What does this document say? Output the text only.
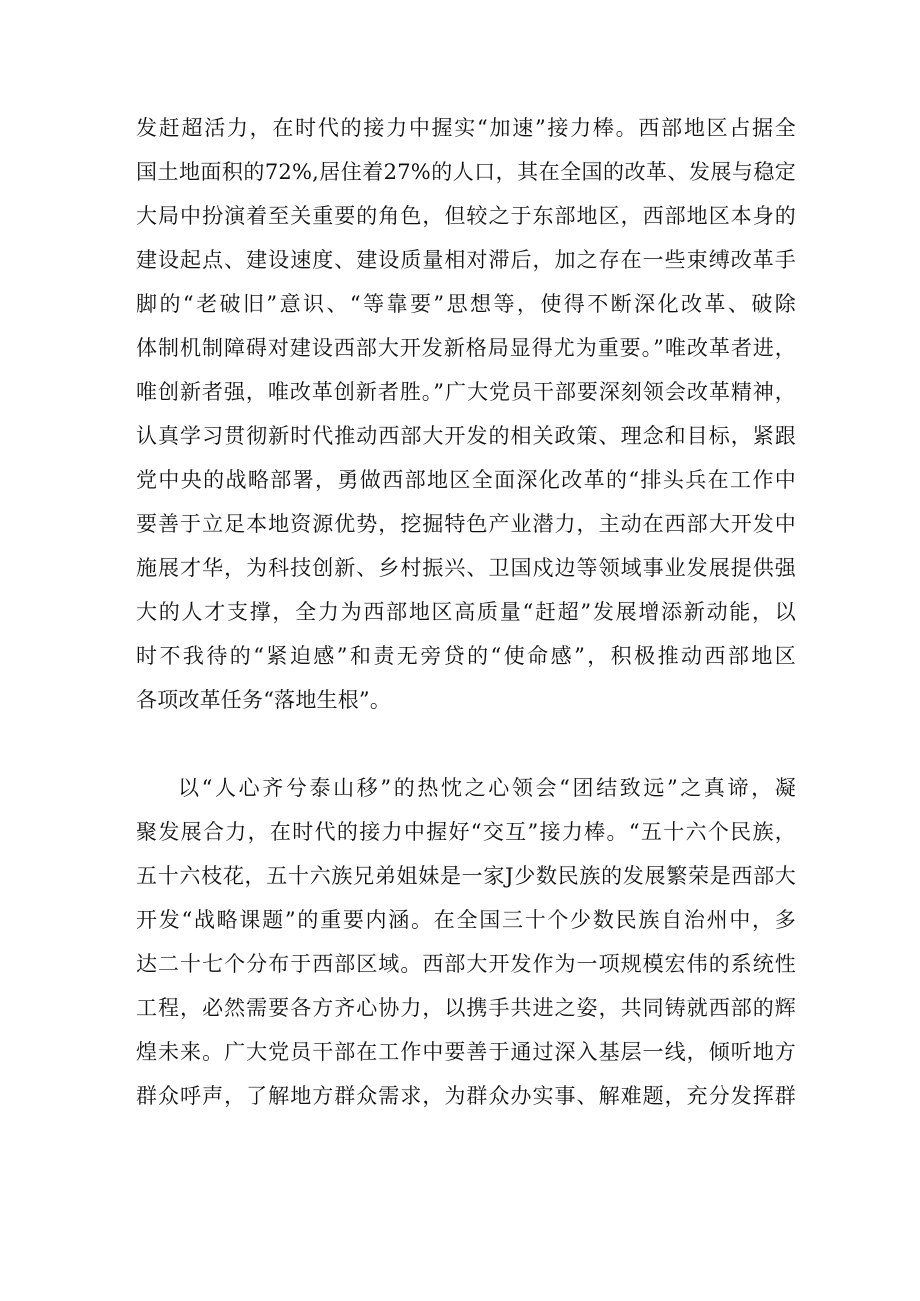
发赶超活力，在时代的接力中握实“加速”接力棒。西部地区占据全
国土地面积的72%,居住着27%的人口，其在全国的改革、发展与稳定
大局中扮演着至关重要的角色，但较之于东部地区，西部地区本身的
建设起点、建设速度、建设质量相对滞后，加之存在一些束缚改革手
脚的“老破旧”意识、“等靠要”思想等，使得不断深化改革、破除
体制机制障碍对建设西部大开发新格局显得尤为重要。”唯改革者进，
唯创新者强，唯改革创新者胜。”广大党员干部要深刻领会改革精神，
认真学习贯彻新时代推动西部大开发的相关政策、理念和目标，紧跟
党中央的战略部署，勇做西部地区全面深化改革的“排头兵在工作中
要善于立足本地资源优势，挖掘特色产业潜力，主动在西部大开发中
施展才华，为科技创新、乡村振兴、卫国戍边等领域事业发展提供强
大的人才支撑，全力为西部地区高质量“赶超”发展增添新动能，以
时不我待的“紧迫感”和责无旁贷的“使命感”，积极推动西部地区
各项改革任务“落地生根”。
以“人心齐兮泰山移”的热忱之心领会“团结致远”之真谛，凝
聚发展合力，在时代的接力中握好“交互”接力棒。“五十六个民族，
五十六枝花，五十六族兄弟姐妹是一家J少数民族的发展繁荣是西部大
开发“战略课题”的重要内涵。在全国三十个少数民族自治州中，多
达二十七个分布于西部区域。西部大开发作为一项规模宏伟的系统性
工程，必然需要各方齐心协力，以携手共进之姿，共同铸就西部的辉
煌未来。广大党员干部在工作中要善于通过深入基层一线，倾听地方
群众呼声，了解地方群众需求，为群众办实事、解难题，充分发挥群
